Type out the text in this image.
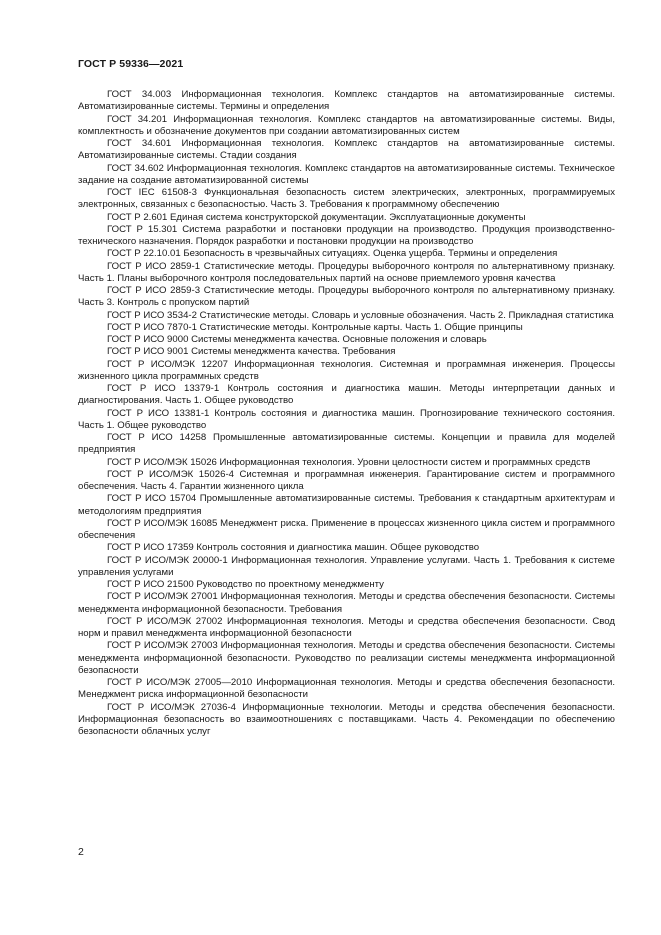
ГОСТ Р 59336—2021

ГОСТ 34.003 Информационная технология. Комплекс стандартов на автоматизированные системы. Автоматизированные системы. Термины и определения

ГОСТ 34.201 Информационная технология. Комплекс стандартов на автоматизированные системы. Виды, комплектность и обозначение документов при создании автоматизированных систем

ГОСТ 34.601 Информационная технология. Комплекс стандартов на автоматизированные системы. Автоматизированные системы. Стадии создания

ГОСТ 34.602 Информационная технология. Комплекс стандартов на автоматизированные системы. Техническое задание на создание автоматизированной системы

ГОСТ IEC 61508-3 Функциональная безопасность систем электрических, электронных, программируемых электронных, связанных с безопасностью. Часть 3. Требования к программному обеспечению

ГОСТ Р 2.601 Единая система конструкторской документации. Эксплуатационные документы

ГОСТ Р 15.301 Система разработки и постановки продукции на производство. Продукция производственно-технического назначения. Порядок разработки и постановки продукции на производство

ГОСТ Р 22.10.01 Безопасность в чрезвычайных ситуациях. Оценка ущерба. Термины и определения

ГОСТ Р ИСО 2859-1 Статистические методы. Процедуры выборочного контроля по альтернативному признаку. Часть 1. Планы выборочного контроля последовательных партий на основе приемлемого уровня качества

ГОСТ Р ИСО 2859-3 Статистические методы. Процедуры выборочного контроля по альтернативному признаку. Часть 3. Контроль с пропуском партий

ГОСТ Р ИСО 3534-2 Статистические методы. Словарь и условные обозначения. Часть 2. Прикладная статистика

ГОСТ Р ИСО 7870-1 Статистические методы. Контрольные карты. Часть 1. Общие принципы

ГОСТ Р ИСО 9000 Системы менеджмента качества. Основные положения и словарь

ГОСТ Р ИСО 9001 Системы менеджмента качества. Требования

ГОСТ Р ИСО/МЭК 12207 Информационная технология. Системная и программная инженерия. Процессы жизненного цикла программных средств

ГОСТ Р ИСО 13379-1 Контроль состояния и диагностика машин. Методы интерпретации данных и диагностирования. Часть 1. Общее руководство

ГОСТ Р ИСО 13381-1 Контроль состояния и диагностика машин. Прогнозирование технического состояния. Часть 1. Общее руководство

ГОСТ Р ИСО 14258 Промышленные автоматизированные системы. Концепции и правила для моделей предприятия

ГОСТ Р ИСО/МЭК 15026 Информационная технология. Уровни целостности систем и программных средств

ГОСТ Р ИСО/МЭК 15026-4 Системная и программная инженерия. Гарантирование систем и программного обеспечения. Часть 4. Гарантии жизненного цикла

ГОСТ Р ИСО 15704 Промышленные автоматизированные системы. Требования к стандартным архитектурам и методологиям предприятия

ГОСТ Р ИСО/МЭК 16085 Менеджмент риска. Применение в процессах жизненного цикла систем и программного обеспечения

ГОСТ Р ИСО 17359 Контроль состояния и диагностика машин. Общее руководство

ГОСТ Р ИСО/МЭК 20000-1 Информационная технология. Управление услугами. Часть 1. Требования к системе управления услугами

ГОСТ Р ИСО 21500 Руководство по проектному менеджменту

ГОСТ Р ИСО/МЭК 27001 Информационная технология. Методы и средства обеспечения безопасности. Системы менеджмента информационной безопасности. Требования

ГОСТ Р ИСО/МЭК 27002 Информационная технология. Методы и средства обеспечения безопасности. Свод норм и правил менеджмента информационной безопасности

ГОСТ Р ИСО/МЭК 27003 Информационная технология. Методы и средства обеспечения безопасности. Системы менеджмента информационной безопасности. Руководство по реализации системы менеджмента информационной безопасности

ГОСТ Р ИСО/МЭК 27005—2010 Информационная технология. Методы и средства обеспечения безопасности. Менеджмент риска информационной безопасности

ГОСТ Р ИСО/МЭК 27036-4 Информационные технологии. Методы и средства обеспечения безопасности. Информационная безопасность во взаимоотношениях с поставщиками. Часть 4. Рекомендации по обеспечению безопасности облачных услуг

2
